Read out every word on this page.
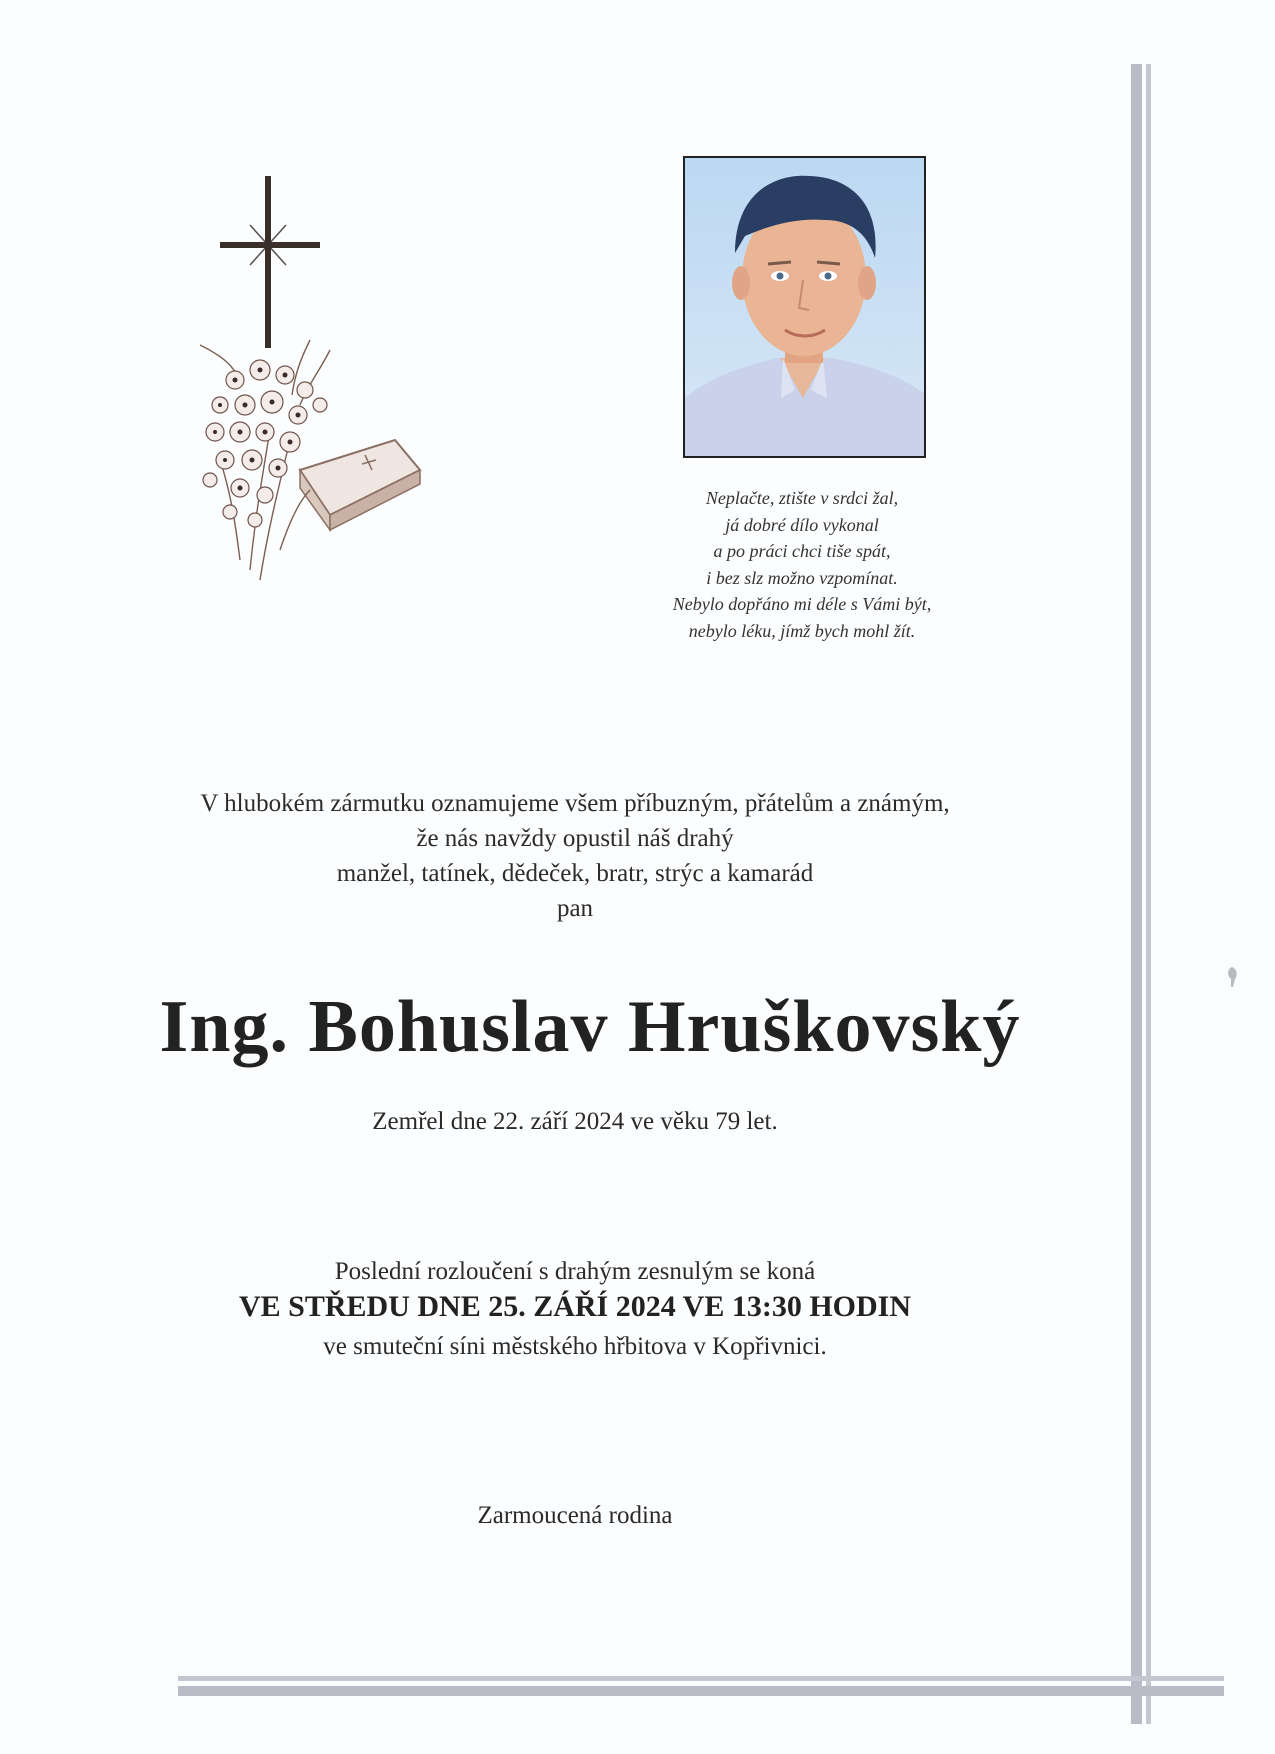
Neplačte, ztište v srdci žal,
já dobré dílo vykonal
a po práci chci tiše spát,
i bez slz možno vzpomínat.
Nebylo dopřáno mi déle s Vámi být,
nebylo léku, jímž bych mohl žít.
V hlubokém zármutku oznamujeme všem příbuzným, přátelům a známým,
že nás navždy opustil náš drahý
manžel, tatínek, dědeček, bratr, strýc a kamarád
pan
Ing. Bohuslav Hruškovský
Zemřel dne 22. září 2024 ve věku 79 let.
Poslední rozloučení s drahým zesnulým se koná
VE STŘEDU DNE 25. ZÁŘÍ 2024 VE 13:30 HODIN
ve smuteční síni městského hřbitova v Kopřivnici.
Zarmoucená rodina
